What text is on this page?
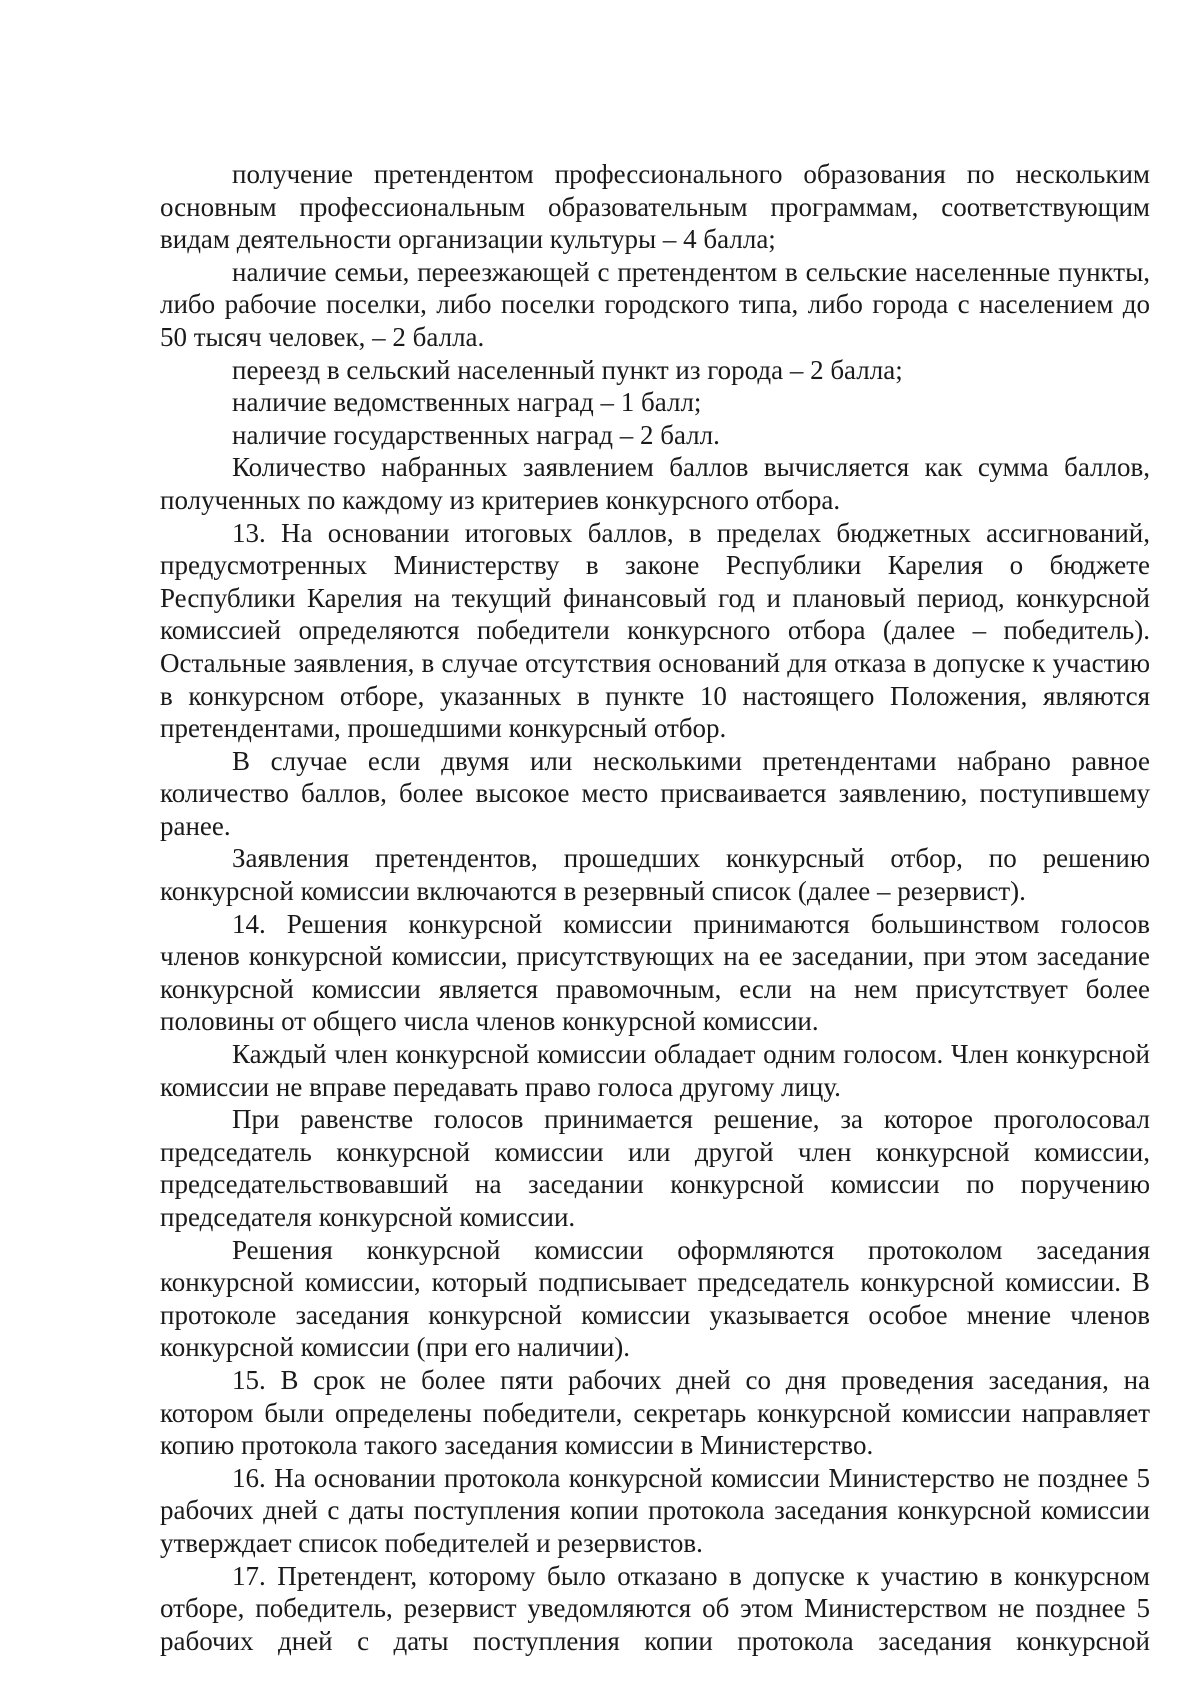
получение претендентом профессионального образования по нескольким основным профессиональным образовательным программам, соответствующим видам деятельности организации культуры – 4 балла;

наличие семьи, переезжающей с претендентом в сельские населенные пункты, либо рабочие поселки, либо поселки городского типа, либо города с населением до 50 тысяч человек, – 2 балла.

переезд в сельский населенный пункт из города – 2 балла;

наличие ведомственных наград – 1 балл;

наличие государственных наград – 2 балл.

Количество набранных заявлением баллов вычисляется как сумма баллов, полученных по каждому из критериев конкурсного отбора.

13. На основании итоговых баллов, в пределах бюджетных ассигнований, предусмотренных Министерству в законе Республики Карелия о бюджете Республики Карелия на текущий финансовый год и плановый период, конкурсной комиссией определяются победители конкурсного отбора (далее – победитель). Остальные заявления, в случае отсутствия оснований для отказа в допуске к участию в конкурсном отборе, указанных в пункте 10 настоящего Положения, являются претендентами, прошедшими конкурсный отбор.

В случае если двумя или несколькими претендентами набрано равное количество баллов, более высокое место присваивается заявлению, поступившему ранее.

Заявления претендентов, прошедших конкурсный отбор, по решению конкурсной комиссии включаются в резервный список (далее – резервист).

14. Решения конкурсной комиссии принимаются большинством голосов членов конкурсной комиссии, присутствующих на ее заседании, при этом заседание конкурсной комиссии является правомочным, если на нем присутствует более половины от общего числа членов конкурсной комиссии.

Каждый член конкурсной комиссии обладает одним голосом. Член конкурсной комиссии не вправе передавать право голоса другому лицу.

При равенстве голосов принимается решение, за которое проголосовал председатель конкурсной комиссии или другой член конкурсной комиссии, председательствовавший на заседании конкурсной комиссии по поручению председателя конкурсной комиссии.

Решения конкурсной комиссии оформляются протоколом заседания конкурсной комиссии, который подписывает председатель конкурсной комиссии. В протоколе заседания конкурсной комиссии указывается особое мнение членов конкурсной комиссии (при его наличии).

15. В срок не более пяти рабочих дней со дня проведения заседания, на котором были определены победители, секретарь конкурсной комиссии направляет копию протокола такого заседания комиссии в Министерство.

16. На основании протокола конкурсной комиссии Министерство не позднее 5 рабочих дней с даты поступления копии протокола заседания конкурсной комиссии утверждает список победителей и резервистов.

17. Претендент, которому было отказано в допуске к участию в конкурсном отборе, победитель, резервист уведомляются об этом Министерством не позднее 5 рабочих дней с даты поступления копии протокола заседания конкурсной
